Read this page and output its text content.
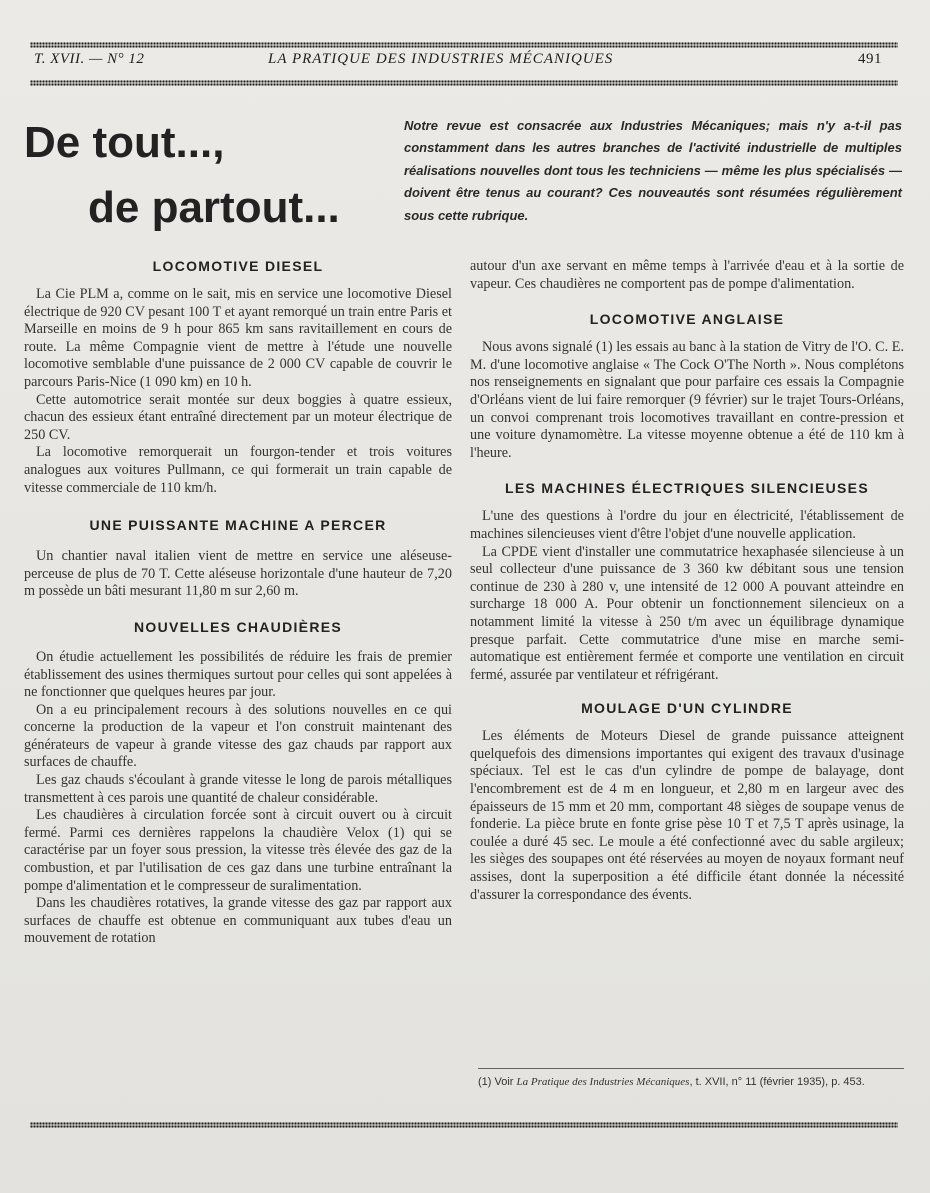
T. XVII. — N° 12	LA PRATIQUE DES INDUSTRIES MÉCANIQUES	491
De tout...,
de partout...

Notre revue est consacrée aux Industries Mécaniques; mais n'y a-t-il pas constamment dans les autres branches de l'activité industrielle de multiples réalisations nouvelles dont tous les techniciens — même les plus spécialisés — doivent être tenus au courant? Ces nouveautés sont résumées régulièrement sous cette rubrique.

LOCOMOTIVE DIESEL

La Cie PLM a, comme on le sait, mis en service une locomotive Diesel électrique de 920 CV pesant 100 T et ayant remorqué un train entre Paris et Marseille en moins de 9 h pour 865 km sans ravitaillement en cours de route. La même Compagnie vient de mettre à l'étude une nouvelle locomotive semblable d'une puissance de 2 000 CV capable de couvrir le parcours Paris-Nice (1 090 km) en 10 h.

Cette automotrice serait montée sur deux boggies à quatre essieux, chacun des essieux étant entraîné directement par un moteur électrique de 250 CV.

La locomotive remorquerait un fourgon-tender et trois voitures analogues aux voitures Pullmann, ce qui formerait un train capable de vitesse commerciale de 110 km/h.

UNE PUISSANTE MACHINE A PERCER

Un chantier naval italien vient de mettre en service une aléseuse-perceuse de plus de 70 T. Cette aléseuse horizontale d'une hauteur de 7,20 m possède un bâti mesurant 11,80 m sur 2,60 m.

NOUVELLES CHAUDIÈRES

On étudie actuellement les possibilités de réduire les frais de premier établissement des usines thermiques surtout pour celles qui sont appelées à ne fonctionner que quelques heures par jour.

On a eu principalement recours à des solutions nouvelles en ce qui concerne la production de la vapeur et l'on construit maintenant des générateurs de vapeur à grande vitesse des gaz chauds par rapport aux surfaces de chauffe.

Les gaz chauds s'écoulant à grande vitesse le long de parois métalliques transmettent à ces parois une quantité de chaleur considérable.

Les chaudières à circulation forcée sont à circuit ouvert ou à circuit fermé. Parmi ces dernières rappelons la chaudière Velox (1) qui se caractérise par un foyer sous pression, la vitesse très élevée des gaz de la combustion, et par l'utilisation de ces gaz dans une turbine entraînant la pompe d'alimentation et le compresseur de suralimentation.

Dans les chaudières rotatives, la grande vitesse des gaz par rapport aux surfaces de chauffe est obtenue en communiquant aux tubes d'eau un mouvement de rotation

autour d'un axe servant en même temps à l'arrivée d'eau et à la sortie de vapeur. Ces chaudières ne comportent pas de pompe d'alimentation.

LOCOMOTIVE ANGLAISE

Nous avons signalé (1) les essais au banc à la station de Vitry de l'O. C. E. M. d'une locomotive anglaise « The Cock O'The North ». Nous complétons nos renseignements en signalant que pour parfaire ces essais la Compagnie d'Orléans vient de lui faire remorquer (9 février) sur le trajet Tours-Orléans, un convoi comprenant trois locomotives travaillant en contre-pression et une voiture dynamomètre. La vitesse moyenne obtenue a été de 110 km à l'heure.

LES MACHINES ÉLECTRIQUES SILENCIEUSES

L'une des questions à l'ordre du jour en électricité, l'établissement de machines silencieuses vient d'être l'objet d'une nouvelle application.

La CPDE vient d'installer une commutatrice hexaphasée silencieuse à un seul collecteur d'une puissance de 3 360 kw débitant sous une tension continue de 230 à 280 v, une intensité de 12 000 A pouvant atteindre en surcharge 18 000 A. Pour obtenir un fonctionnement silencieux on a notamment limité la vitesse à 250 t/m avec un équilibrage dynamique presque parfait. Cette commutatrice d'une mise en marche semi-automatique est entièrement fermée et comporte une ventilation en circuit fermé, assurée par ventilateur et réfrigérant.

MOULAGE D'UN CYLINDRE

Les éléments de Moteurs Diesel de grande puissance atteignent quelquefois des dimensions importantes qui exigent des travaux d'usinage spéciaux. Tel est le cas d'un cylindre de pompe de balayage, dont l'encombrement est de 4 m en longueur, et 2,80 m en largeur avec des épaisseurs de 15 mm et 20 mm, comportant 48 sièges de soupape venus de fonderie. La pièce brute en fonte grise pèse 10 T et 7,5 T après usinage, la coulée a duré 45 sec. Le moule a été confectionné avec du sable argileux; les sièges des soupapes ont été réservées au moyen de noyaux formant neuf assises, dont la superposition a été difficile étant donnée la nécessité d'assurer la correspondance des évents.

(1) Voir La Pratique des Industries Mécaniques, t. XVII, n° 11 (février 1935), p. 453.
